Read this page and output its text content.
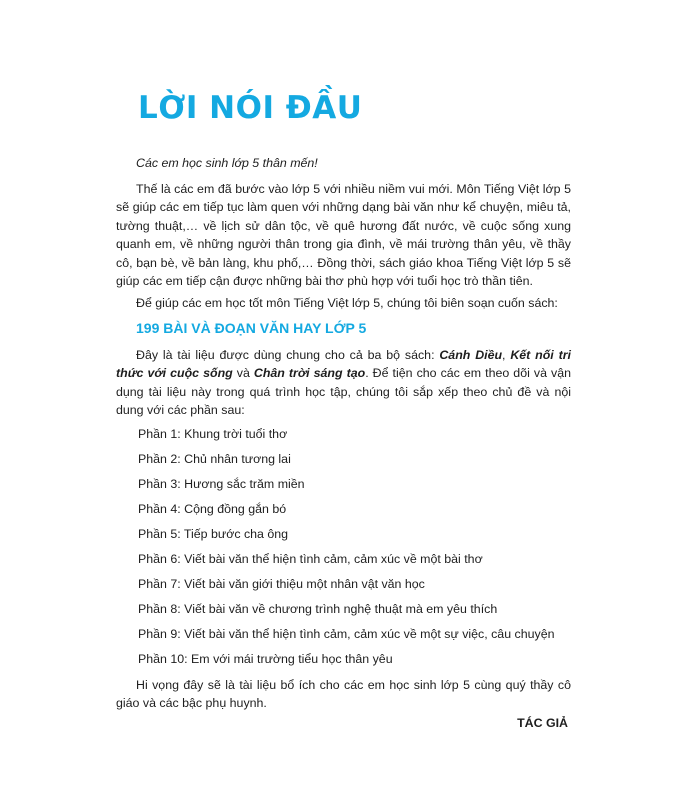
LỜI NÓI ĐẦU
Các em học sinh lớp 5 thân mến!

Thế là các em đã bước vào lớp 5 với nhiều niềm vui mới. Môn Tiếng Việt lớp 5 sẽ giúp các em tiếp tục làm quen với những dạng bài văn như kể chuyện, miêu tả, tường thuật,… về lịch sử dân tộc, về quê hương đất nước, về cuộc sống xung quanh em, về những người thân trong gia đình, về mái trường thân yêu, về thầy cô, bạn bè, về bản làng, khu phố,… Đồng thời, sách giáo khoa Tiếng Việt lớp 5 sẽ giúp các em tiếp cận được những bài thơ phù hợp với tuổi học trò thần tiên.

Để giúp các em học tốt môn Tiếng Việt lớp 5, chúng tôi biên soạn cuốn sách:

199 BÀI VÀ ĐOẠN VĂN HAY LỚP 5

Đây là tài liệu được dùng chung cho cả ba bộ sách: Cánh Diều, Kết nối tri thức với cuộc sống và Chân trời sáng tạo. Để tiện cho các em theo dõi và vận dụng tài liệu này trong quá trình học tập, chúng tôi sắp xếp theo chủ đề và nội dung với các phần sau:

Phần 1: Khung trời tuổi thơ
Phần 2: Chủ nhân tương lai
Phần 3: Hương sắc trăm miền
Phần 4: Cộng đồng gắn bó
Phần 5: Tiếp bước cha ông
Phần 6: Viết bài văn thể hiện tình cảm, cảm xúc về một bài thơ
Phần 7: Viết bài văn giới thiệu một nhân vật văn học
Phần 8: Viết bài văn về chương trình nghệ thuật mà em yêu thích
Phần 9: Viết bài văn thể hiện tình cảm, cảm xúc về một sự việc, câu chuyện
Phần 10: Em với mái trường tiểu học thân yêu

Hi vọng đây sẽ là tài liệu bổ ích cho các em học sinh lớp 5 cùng quý thầy cô giáo và các bậc phụ huynh.

TÁC GIẢ
